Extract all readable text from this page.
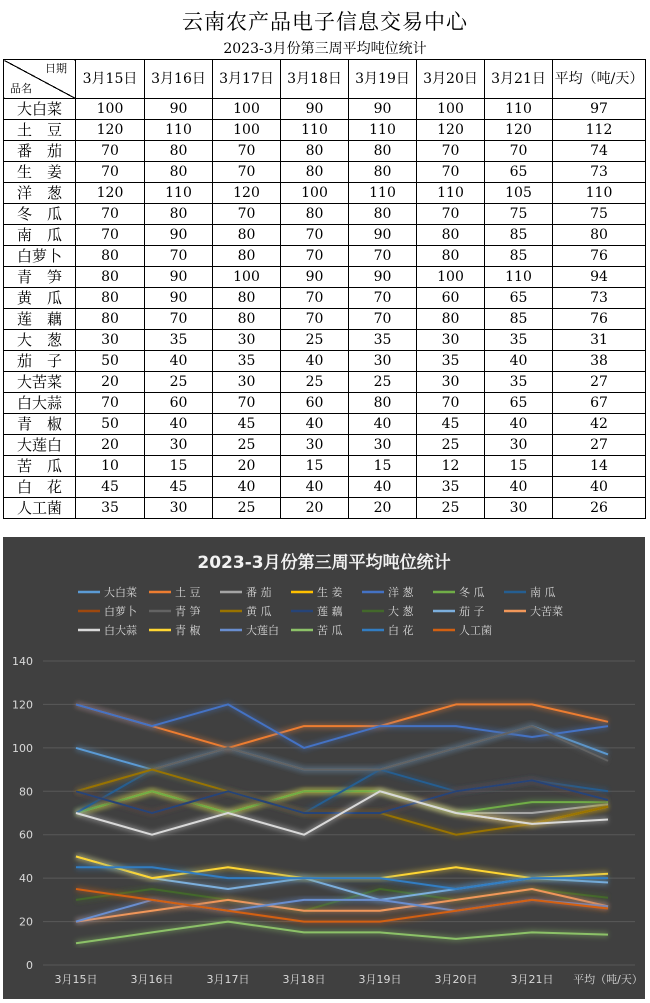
云南农产品电子信息交易中心
2023-3月份第三周平均吨位统计
日期
品名	3月15日	3月16日	3月17日	3月18日	3月19日	3月20日	3月21日	平均（吨/天）
大白菜	100	90	100	90	90	100	110	97
土　豆	120	110	100	110	110	120	120	112
番　茄	70	80	70	80	80	70	70	74
生　姜	70	80	70	80	80	70	65	73
洋　葱	120	110	120	100	110	110	105	110
冬　瓜	70	80	70	80	80	70	75	75
南　瓜	70	90	80	70	90	80	85	80
白萝卜	80	70	80	70	70	80	85	76
青　笋	80	90	100	90	90	100	110	94
黄　瓜	80	90	80	70	70	60	65	73
莲　藕	80	70	80	70	70	80	85	76
大　葱	30	35	30	25	35	30	35	31
茄　子	50	40	35	40	30	35	40	38
大苦菜	20	25	30	25	25	30	35	27
白大蒜	70	60	70	60	80	70	65	67
青　椒	50	40	45	40	40	45	40	42
大莲白	20	30	25	30	30	25	30	27
苦　瓜	10	15	20	15	15	12	15	14
白　花	45	45	40	40	40	35	40	40
人工菌	35	30	25	20	20	25	30	26
2023-3月份第三周平均吨位统计
0
20
40
60
80
100
120
140
3月15日	3月16日	3月17日	3月18日	3月19日	3月20日	3月21日 平均（吨/天）
大白菜	土 豆	番 茄	生 姜	洋 葱	冬 瓜	南 瓜
白萝卜	青 笋	黄 瓜	莲 藕	大 葱	茄 子	大苦菜
白大蒜	青 椒	大莲白	苦 瓜	白 花	人工菌
